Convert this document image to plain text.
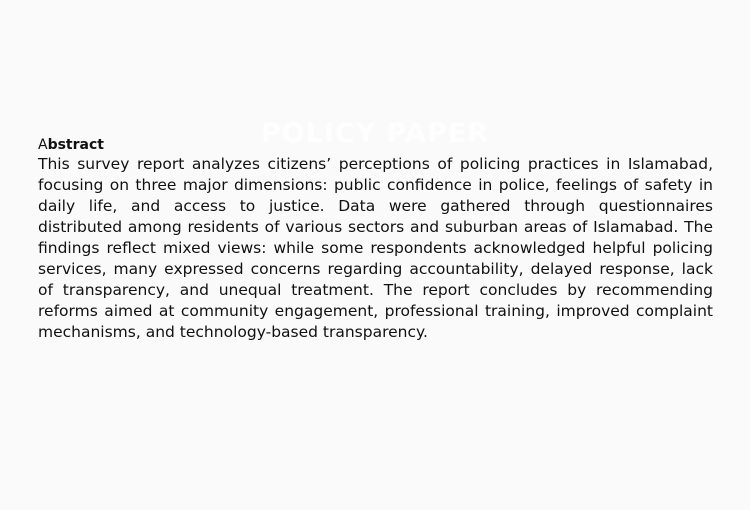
POLICY PAPER

Abstract

This survey report analyzes citizens’ perceptions of policing practices in Islamabad, focusing on three major dimensions: public confidence in police, feelings of safety in daily life, and access to justice. Data were gathered through questionnaires distributed among residents of various sectors and suburban areas of Islamabad. The findings reflect mixed views: while some respondents acknowledged helpful policing services, many expressed concerns regarding accountability, delayed response, lack of transparency, and unequal treatment. The report concludes by recommending reforms aimed at community engagement, professional training, improved complaint mechanisms, and technology-based transparency.
